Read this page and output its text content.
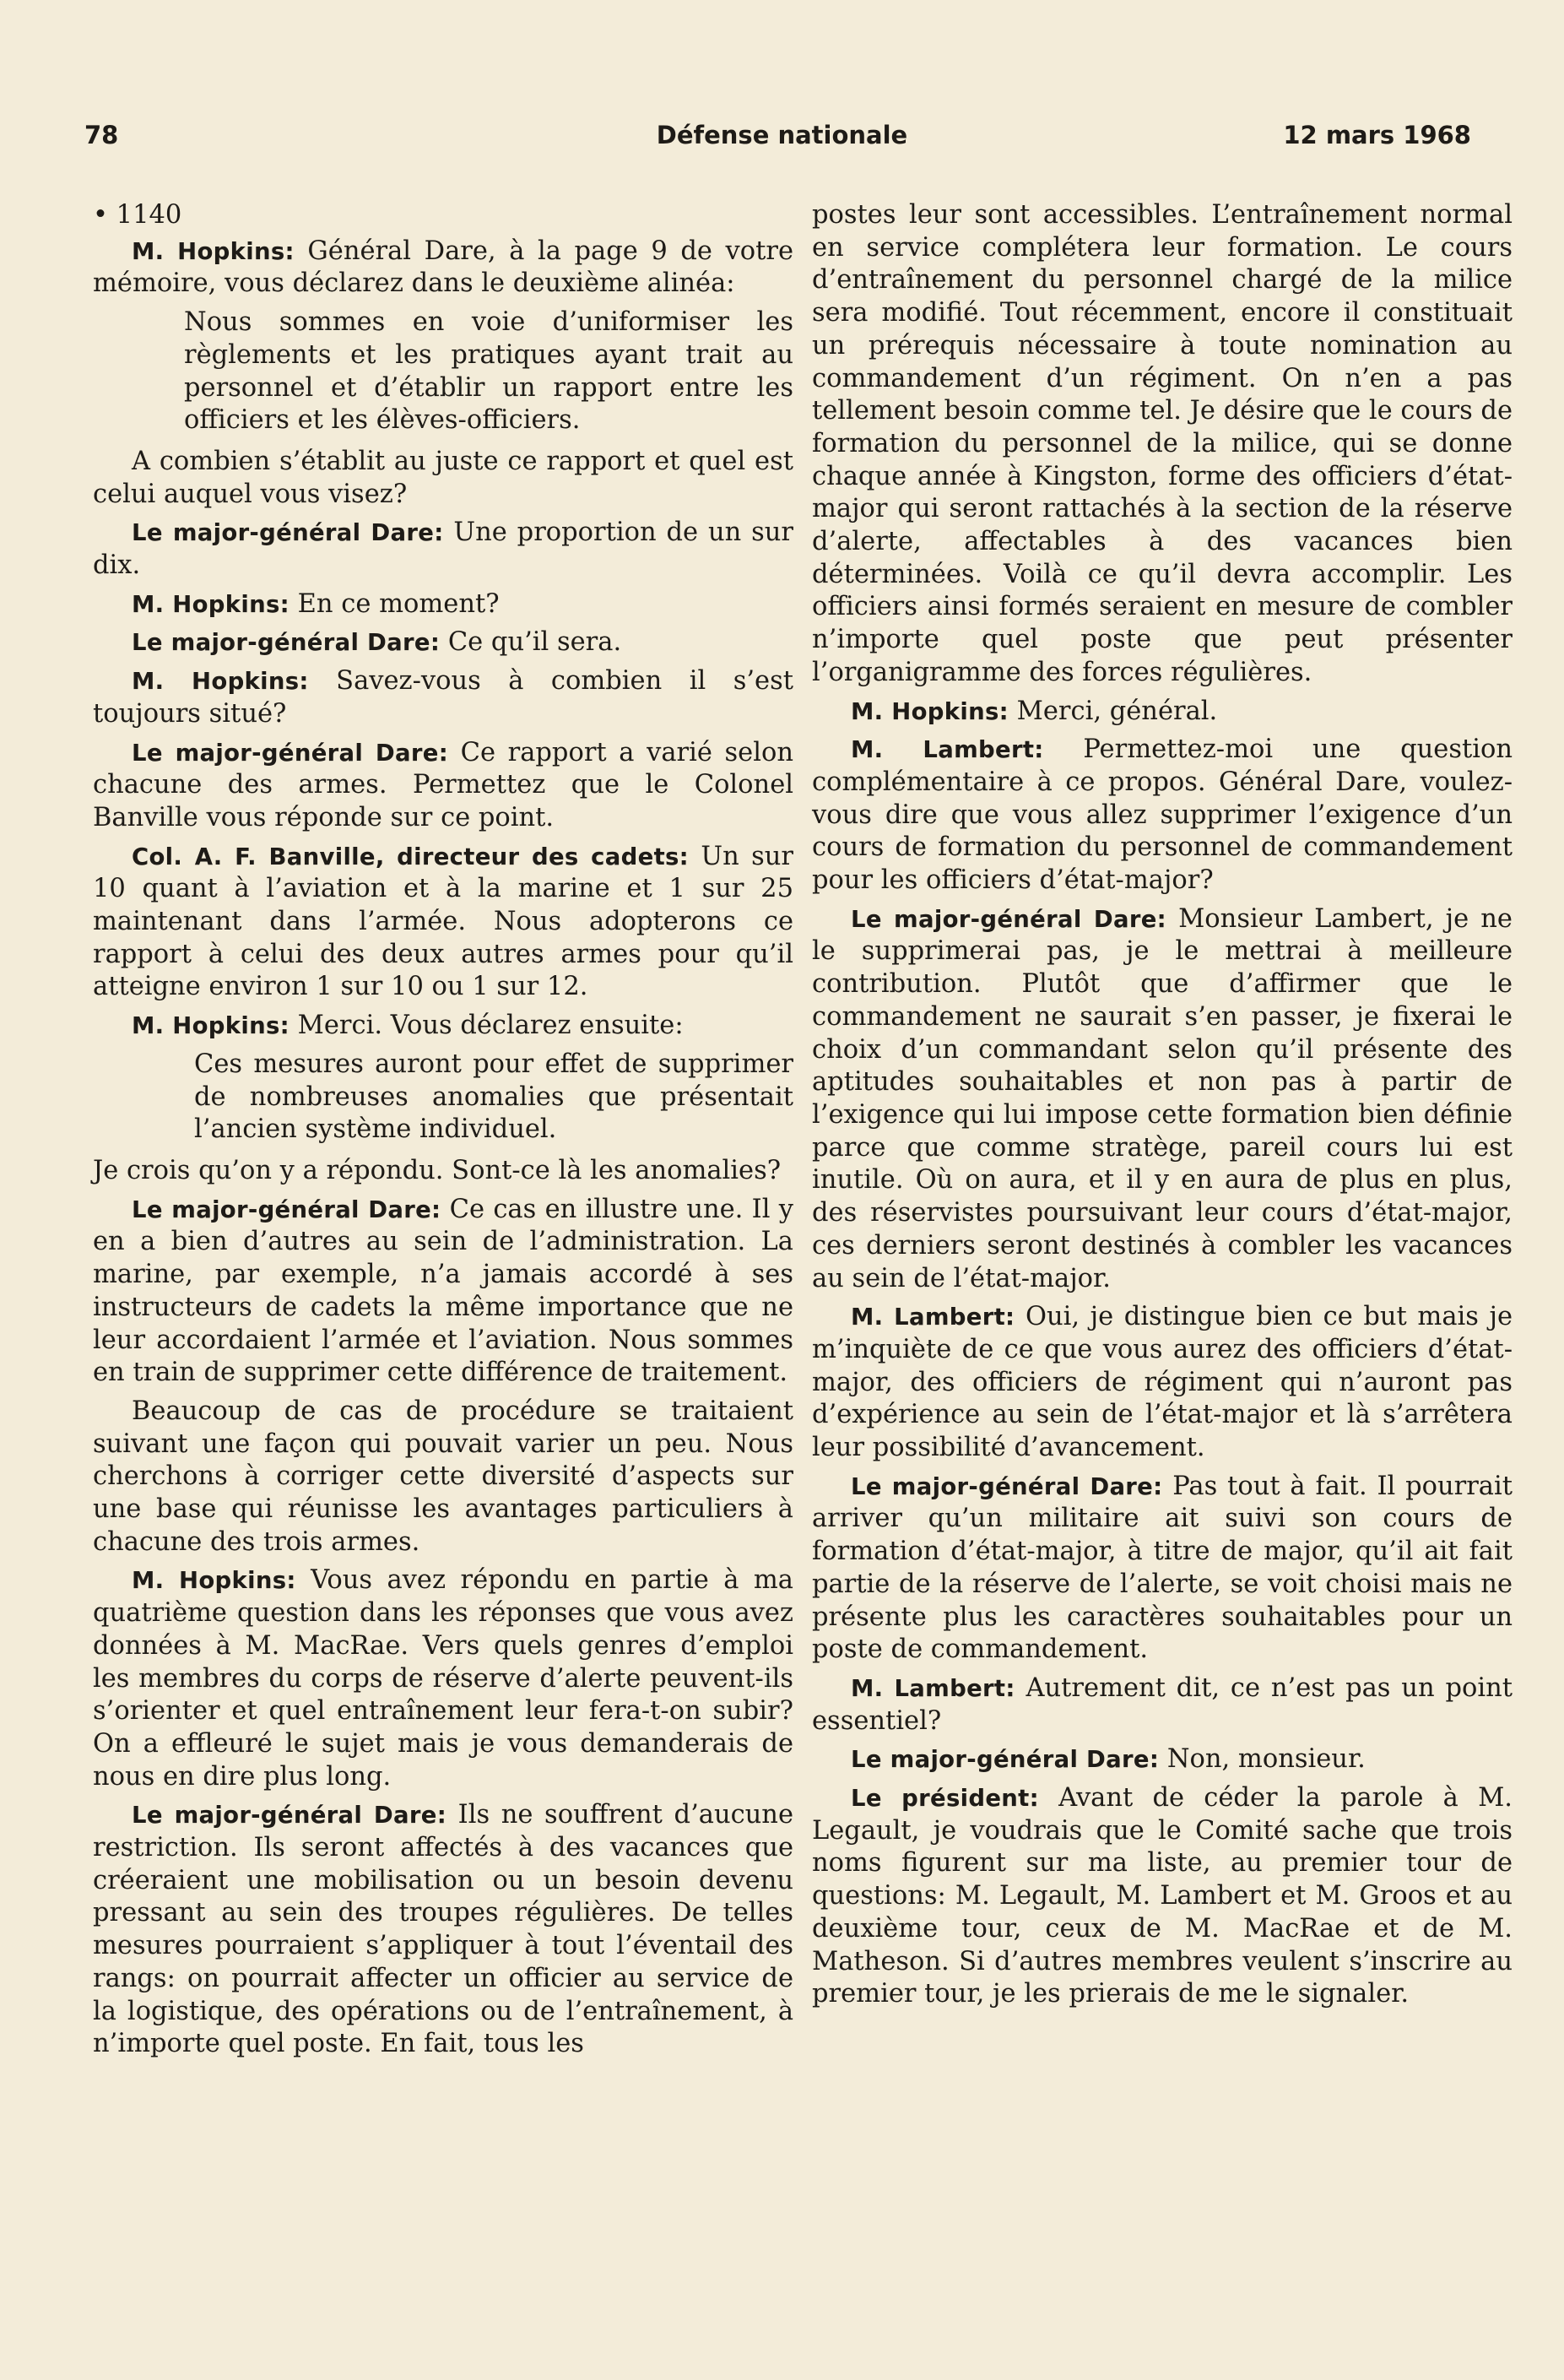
78	Défense nationale	12 mars 1968

• 1140

M. Hopkins: Général Dare, à la page 9 de votre mémoire, vous déclarez dans le deuxième alinéa:

Nous sommes en voie d’uniformiser les règlements et les pratiques ayant trait au personnel et d’établir un rapport entre les officiers et les élèves-officiers.

A combien s’établit au juste ce rapport et quel est celui auquel vous visez?

Le major-général Dare: Une proportion de un sur dix.

M. Hopkins: En ce moment?

Le major-général Dare: Ce qu’il sera.

M. Hopkins: Savez-vous à combien il s’est toujours situé?

Le major-général Dare: Ce rapport a varié selon chacune des armes. Permettez que le Colonel Banville vous réponde sur ce point.

Col. A. F. Banville, directeur des cadets: Un sur 10 quant à l’aviation et à la marine et 1 sur 25 maintenant dans l’armée. Nous adopterons ce rapport à celui des deux autres armes pour qu’il atteigne environ 1 sur 10 ou 1 sur 12.

M. Hopkins: Merci. Vous déclarez ensuite:

Ces mesures auront pour effet de supprimer de nombreuses anomalies que présentait l’ancien système individuel.

Je crois qu’on y a répondu. Sont-ce là les anomalies?

Le major-général Dare: Ce cas en illustre une. Il y en a bien d’autres au sein de l’administration. La marine, par exemple, n’a jamais accordé à ses instructeurs de cadets la même importance que ne leur accordaient l’armée et l’aviation. Nous sommes en train de supprimer cette différence de traitement.

Beaucoup de cas de procédure se traitaient suivant une façon qui pouvait varier un peu. Nous cherchons à corriger cette diversité d’aspects sur une base qui réunisse les avantages particuliers à chacune des trois armes.

M. Hopkins: Vous avez répondu en partie à ma quatrième question dans les réponses que vous avez données à M. MacRae. Vers quels genres d’emploi les membres du corps de réserve d’alerte peuvent-ils s’orienter et quel entraînement leur fera-t-on subir? On a effleuré le sujet mais je vous demanderais de nous en dire plus long.

Le major-général Dare: Ils ne souffrent d’aucune restriction. Ils seront affectés à des vacances que créeraient une mobilisation ou un besoin devenu pressant au sein des troupes régulières. De telles mesures pourraient s’appliquer à tout l’éventail des rangs: on pourrait affecter un officier au service de la logistique, des opérations ou de l’entraînement, à n’importe quel poste. En fait, tous les

postes leur sont accessibles. L’entraînement normal en service complétera leur formation. Le cours d’entraînement du personnel chargé de la milice sera modifié. Tout récemment, encore il constituait un prérequis nécessaire à toute nomination au commandement d’un régiment. On n’en a pas tellement besoin comme tel. Je désire que le cours de formation du personnel de la milice, qui se donne chaque année à Kingston, forme des officiers d’état-major qui seront rattachés à la section de la réserve d’alerte, affectables à des vacances bien déterminées. Voilà ce qu’il devra accomplir. Les officiers ainsi formés seraient en mesure de combler n’importe quel poste que peut présenter l’organigramme des forces régulières.

M. Hopkins: Merci, général.

M. Lambert: Permettez-moi une question complémentaire à ce propos. Général Dare, voulez-vous dire que vous allez supprimer l’exigence d’un cours de formation du personnel de commandement pour les officiers d’état-major?

Le major-général Dare: Monsieur Lambert, je ne le supprimerai pas, je le mettrai à meilleure contribution. Plutôt que d’affirmer que le commandement ne saurait s’en passer, je fixerai le choix d’un commandant selon qu’il présente des aptitudes souhaitables et non pas à partir de l’exigence qui lui impose cette formation bien définie parce que comme stratège, pareil cours lui est inutile. Où on aura, et il y en aura de plus en plus, des réservistes poursuivant leur cours d’état-major, ces derniers seront destinés à combler les vacances au sein de l’état-major.

M. Lambert: Oui, je distingue bien ce but mais je m’inquiète de ce que vous aurez des officiers d’état-major, des officiers de régiment qui n’auront pas d’expérience au sein de l’état-major et là s’arrêtera leur possibilité d’avancement.

Le major-général Dare: Pas tout à fait. Il pourrait arriver qu’un militaire ait suivi son cours de formation d’état-major, à titre de major, qu’il ait fait partie de la réserve de l’alerte, se voit choisi mais ne présente plus les caractères souhaitables pour un poste de commandement.

M. Lambert: Autrement dit, ce n’est pas un point essentiel?

Le major-général Dare: Non, monsieur.

Le président: Avant de céder la parole à M. Legault, je voudrais que le Comité sache que trois noms figurent sur ma liste, au premier tour de questions: M. Legault, M. Lambert et M. Groos et au deuxième tour, ceux de M. MacRae et de M. Matheson. Si d’autres membres veulent s’inscrire au premier tour, je les prierais de me le signaler.
